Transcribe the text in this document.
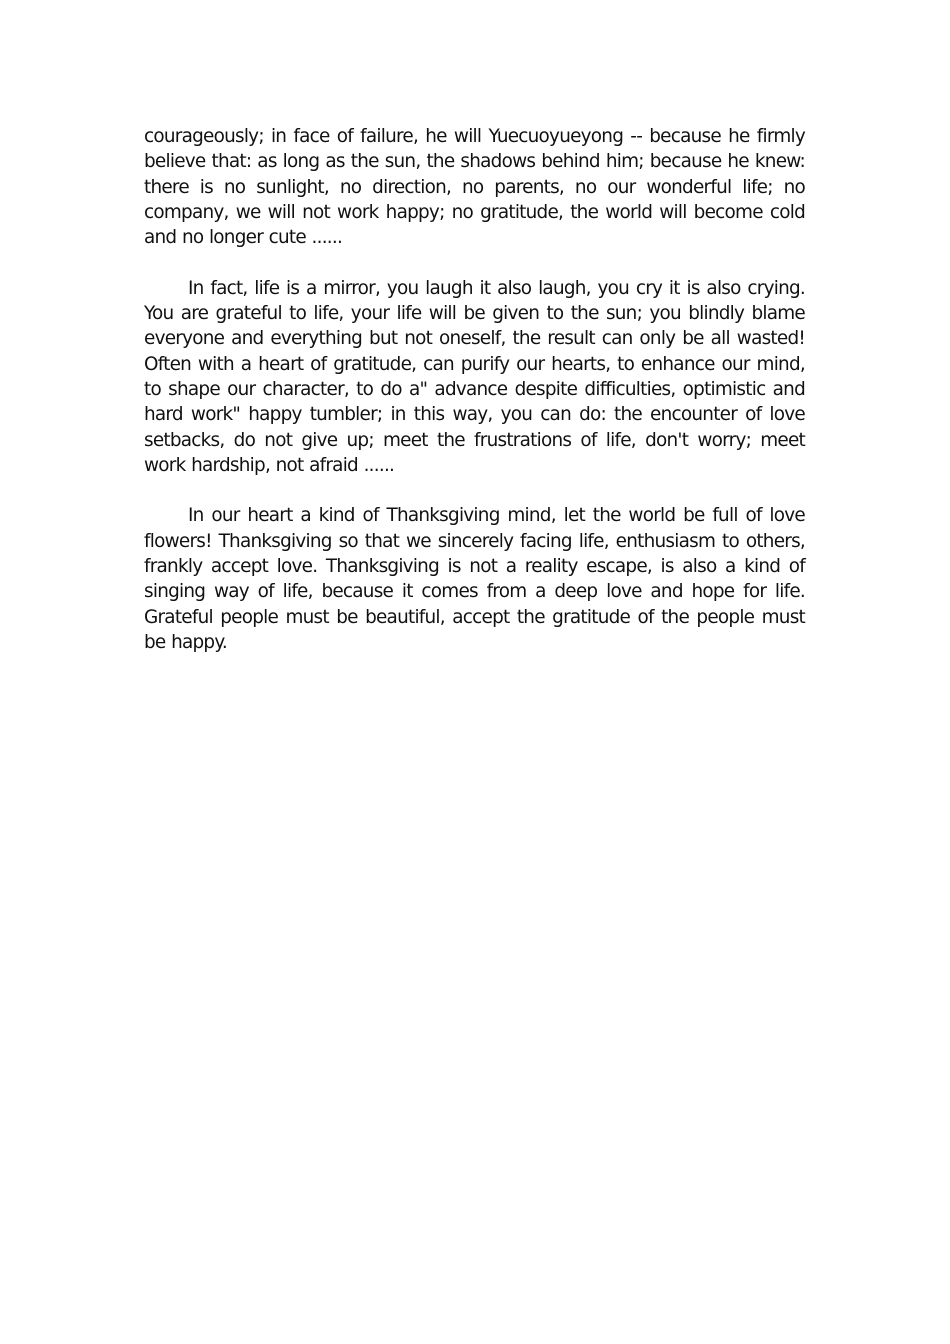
courageously; in face of failure, he will Yuecuoyueyong -- because he firmly believe that: as long as the sun, the shadows behind him; because he knew: there is no sunlight, no direction, no parents, no our wonderful life; no company, we will not work happy; no gratitude, the world will become cold and no longer cute ......

In fact, life is a mirror, you laugh it also laugh, you cry it is also crying. You are grateful to life, your life will be given to the sun; you blindly blame everyone and everything but not oneself, the result can only be all wasted! Often with a heart of gratitude, can purify our hearts, to enhance our mind, to shape our character, to do a" advance despite difficulties, optimistic and hard work" happy tumbler; in this way, you can do: the encounter of love setbacks, do not give up; meet the frustrations of life, don't worry; meet work hardship, not afraid ......

In our heart a kind of Thanksgiving mind, let the world be full of love flowers! Thanksgiving so that we sincerely facing life, enthusiasm to others, frankly accept love. Thanksgiving is not a reality escape, is also a kind of singing way of life, because it comes from a deep love and hope for life. Grateful people must be beautiful, accept the gratitude of the people must be happy.
